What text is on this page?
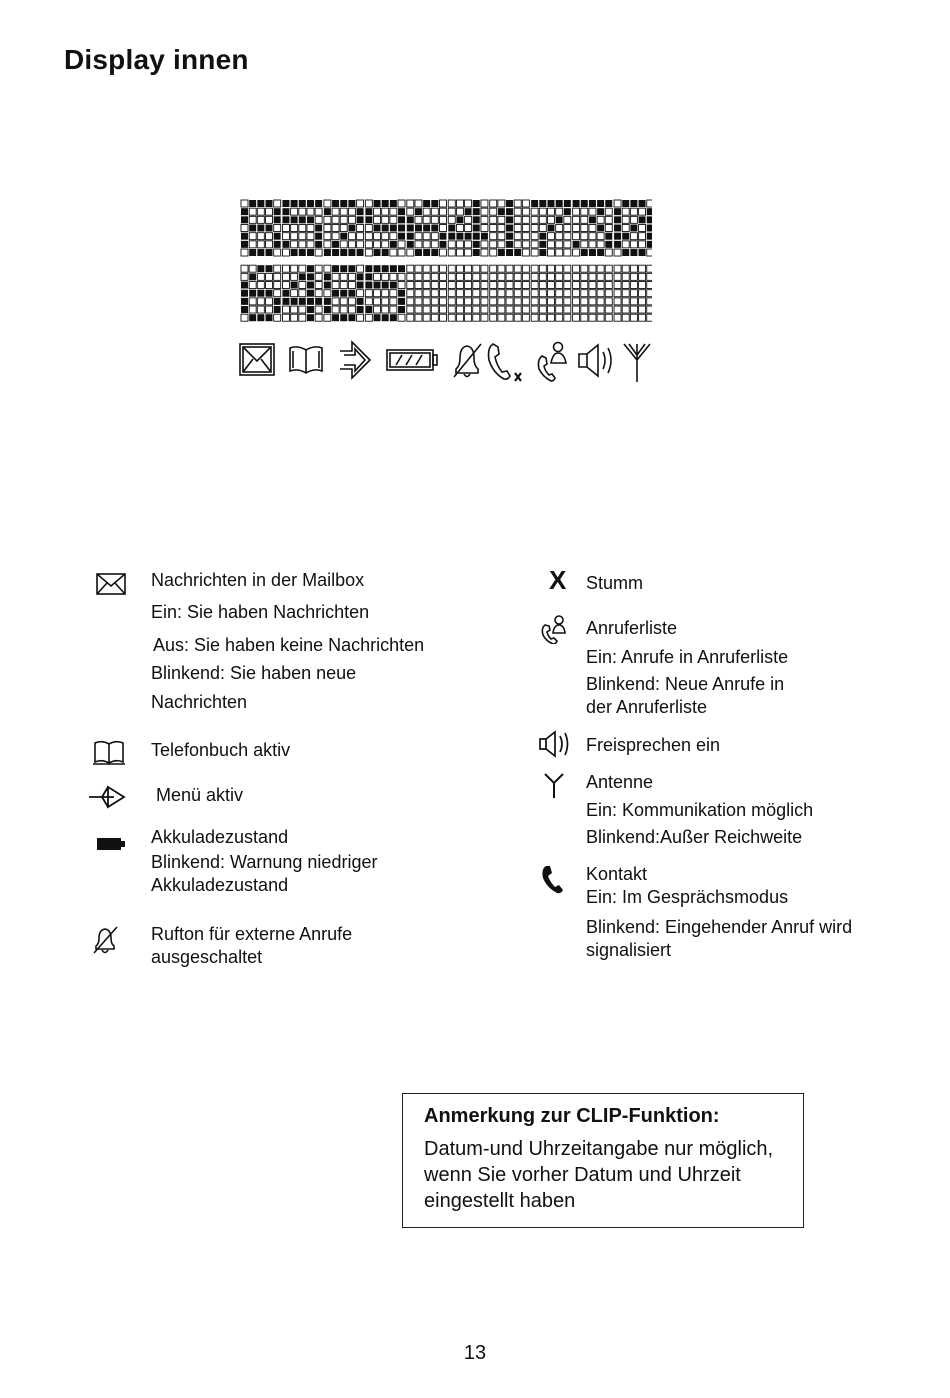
Display innen
Nachrichten in der Mailbox
Ein: Sie haben Nachrichten
Aus: Sie haben keine Nachrichten
Blinkend: Sie haben neue
Nachrichten
Telefonbuch aktiv
Menü aktiv
Akkuladezustand
Blinkend: Warnung niedriger
Akkuladezustand
Rufton für externe Anrufe
ausgeschaltet
X Stumm
Anruferliste
Ein: Anrufe in Anruferliste
Blinkend: Neue Anrufe in
der Anruferliste
Freisprechen ein
Antenne
Ein: Kommunikation möglich
Blinkend:Außer Reichweite
Kontakt
Ein: Im Gesprächsmodus
Blinkend: Eingehender Anruf wird
signalisiert
Anmerkung zur CLIP-Funktion:
Datum-und Uhrzeitangabe nur möglich,
wenn Sie vorher Datum und Uhrzeit
eingestellt haben
13
